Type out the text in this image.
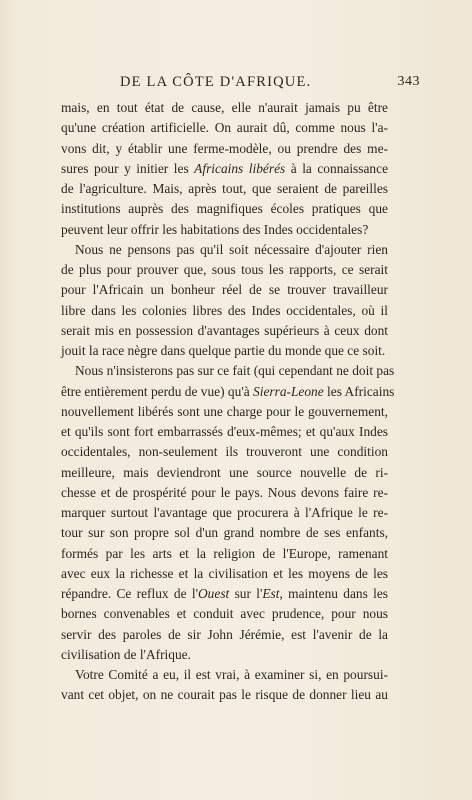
DE LA CÔTE D'AFRIQUE.	343
mais, en tout état de cause, elle n'aurait jamais pu être
qu'une création artificielle. On aurait dû, comme nous l'a-
vons dit, y établir une ferme-modèle, ou prendre des me-
sures pour y initier les Africains libérés à la connaissance
de l'agriculture. Mais, après tout, que seraient de pareilles
institutions auprès des magnifiques écoles pratiques que
peuvent leur offrir les habitations des Indes occidentales?
Nous ne pensons pas qu'il soit nécessaire d'ajouter rien
de plus pour prouver que, sous tous les rapports, ce serait
pour l'Africain un bonheur réel de se trouver travailleur
libre dans les colonies libres des Indes occidentales, où il
serait mis en possession d'avantages supérieurs à ceux dont
jouit la race nègre dans quelque partie du monde que ce soit.
Nous n'insisterons pas sur ce fait (qui cependant ne doit pas
être entièrement perdu de vue) qu'à Sierra-Leone les Africains
nouvellement libérés sont une charge pour le gouvernement,
et qu'ils sont fort embarrassés d'eux-mêmes; et qu'aux Indes
occidentales, non-seulement ils trouveront une condition
meilleure, mais deviendront une source nouvelle de ri-
chesse et de prospérité pour le pays. Nous devons faire re-
marquer surtout l'avantage que procurera à l'Afrique le re-
tour sur son propre sol d'un grand nombre de ses enfants,
formés par les arts et la religion de l'Europe, ramenant
avec eux la richesse et la civilisation et les moyens de les
répandre. Ce reflux de l'Ouest sur l'Est, maintenu dans les
bornes convenables et conduit avec prudence, pour nous
servir des paroles de sir John Jérémie, est l'avenir de la
civilisation de l'Afrique.
Votre Comité a eu, il est vrai, à examiner si, en poursui-
vant cet objet, on ne courait pas le risque de donner lieu au
